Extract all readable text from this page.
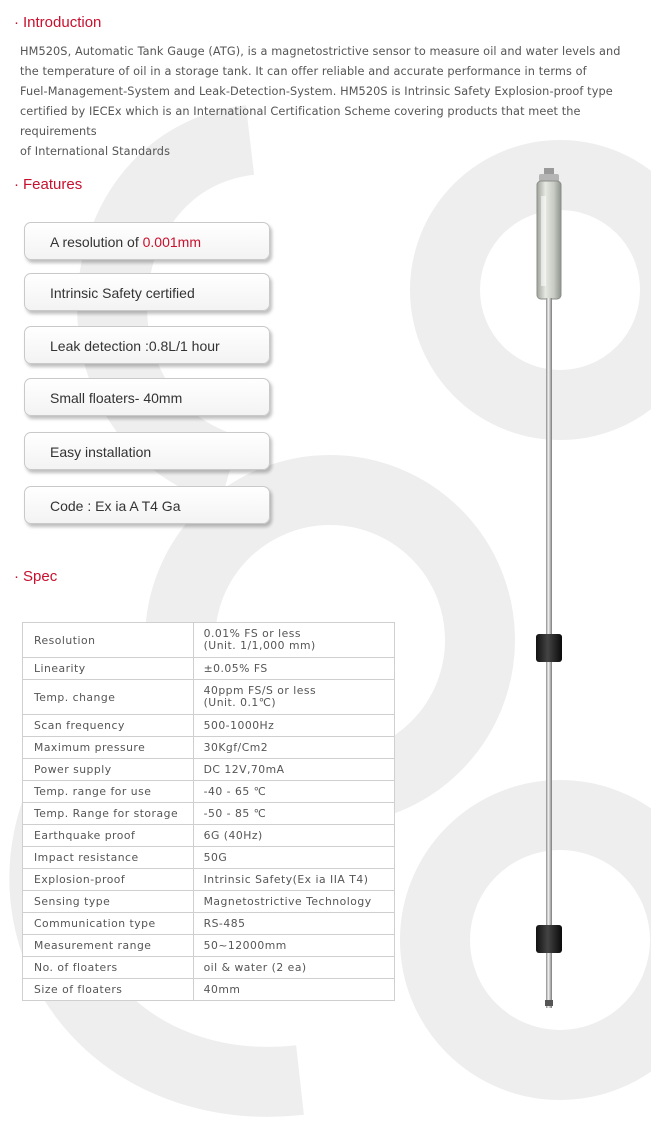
· Introduction
HM520S, Automatic Tank Gauge (ATG), is a magnetostrictive sensor to measure oil and water levels and
the temperature of oil in a storage tank. It can offer reliable and accurate performance in terms of
Fuel-Management-System and Leak-Detection-System. HM520S is Intrinsic Safety Explosion-proof type
certified by IECEx which is an International Certification Scheme covering products that meet the requirements
of International Standards
· Features
A resolution of 0.001mm
Intrinsic Safety certified
Leak detection :0.8L/1 hour
Small floaters- 40mm
Easy installation
Code : Ex ia A T4 Ga
· Spec
Resolution	0.01% FS or less
(Unit. 1/1,000 mm)

Linearity	±0.05% FS
Temp. change	40ppm FS/S or less
(Unit. 0.1℃)

Scan frequency	500-1000Hz
Maximum pressure	30Kgf/Cm2
Power supply	DC 12V,70mA
Temp. range for use	-40 - 65 ℃
Temp. Range for storage	-50 - 85 ℃
Earthquake proof	6G (40Hz)
Impact resistance	50G
Explosion-proof	Intrinsic Safety(Ex ia IIA T4)
Sensing type	Magnetostrictive Technology
Communication type	RS-485
Measurement range	50~12000mm
No. of floaters	oil & water (2 ea)
Size of floaters	40mm
